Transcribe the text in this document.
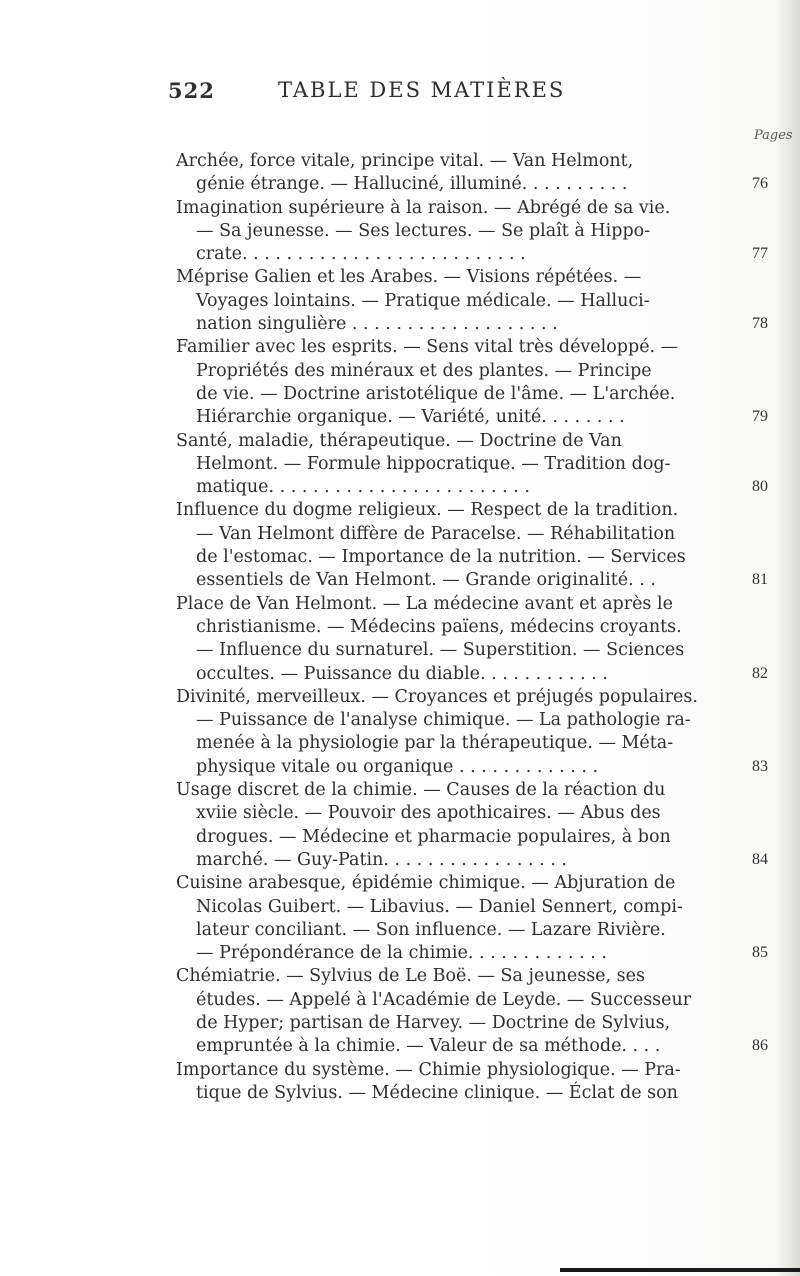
522	TABLE DES MATIÈRES
Pages
Archée, force vitale, principe vital. — Van Helmont,
génie étrange. — Halluciné, illuminé. . . . . . . . . .
Imagination supérieure à la raison. — Abrégé de sa vie.
— Sa jeunesse. — Ses lectures. — Se plaît à Hippo-
crate. . . . . . . . . . . . . . . . . . . . . . . . . .
Méprise Galien et les Arabes. — Visions répétées. —
Voyages lointains. — Pratique médicale. — Halluci-
nation singulière . . . . . . . . . . . . . . . . . . .
Familier avec les esprits. — Sens vital très développé. —
Propriétés des minéraux et des plantes. — Principe
de vie. — Doctrine aristotélique de l'âme. — L'archée.
Hiérarchie organique. — Variété, unité. . . . . . . .
Santé, maladie, thérapeutique. — Doctrine de Van
Helmont. — Formule hippocratique. — Tradition dog-
matique. . . . . . . . . . . . . . . . . . . . . . . .
Influence du dogme religieux. — Respect de la tradition.
— Van Helmont diffère de Paracelse. — Réhabilitation
de l'estomac. — Importance de la nutrition. — Services
essentiels de Van Helmont. — Grande originalité. . .
Place de Van Helmont. — La médecine avant et après le
christianisme. — Médecins païens, médecins croyants.
— Influence du surnaturel. — Superstition. — Sciences
occultes. — Puissance du diable. . . . . . . . . . . .
Divinité, merveilleux. — Croyances et préjugés populaires.
— Puissance de l'analyse chimique. — La pathologie ra-
menée à la physiologie par la thérapeutique. — Méta-
physique vitale ou organique . . . . . . . . . . . . .
Usage discret de la chimie. — Causes de la réaction du
xviie siècle. — Pouvoir des apothicaires. — Abus des
drogues. — Médecine et pharmacie populaires, à bon
marché. — Guy-Patin. . . . . . . . . . . . . . . . .
Cuisine arabesque, épidémie chimique. — Abjuration de
Nicolas Guibert. — Libavius. — Daniel Sennert, compi-
lateur conciliant. — Son influence. — Lazare Rivière.
— Prépondérance de la chimie. . . . . . . . . . . . .
Chémiatrie. — Sylvius de Le Boë. — Sa jeunesse, ses
études. — Appelé à l'Académie de Leyde. — Successeur
de Hyper; partisan de Harvey. — Doctrine de Sylvius,
empruntée à la chimie. — Valeur de sa méthode. . . .
Importance du système. — Chimie physiologique. — Pra-
tique de Sylvius. — Médecine clinique. — Éclat de son
76
77
78
79
80
81
82
83
84
85
86
